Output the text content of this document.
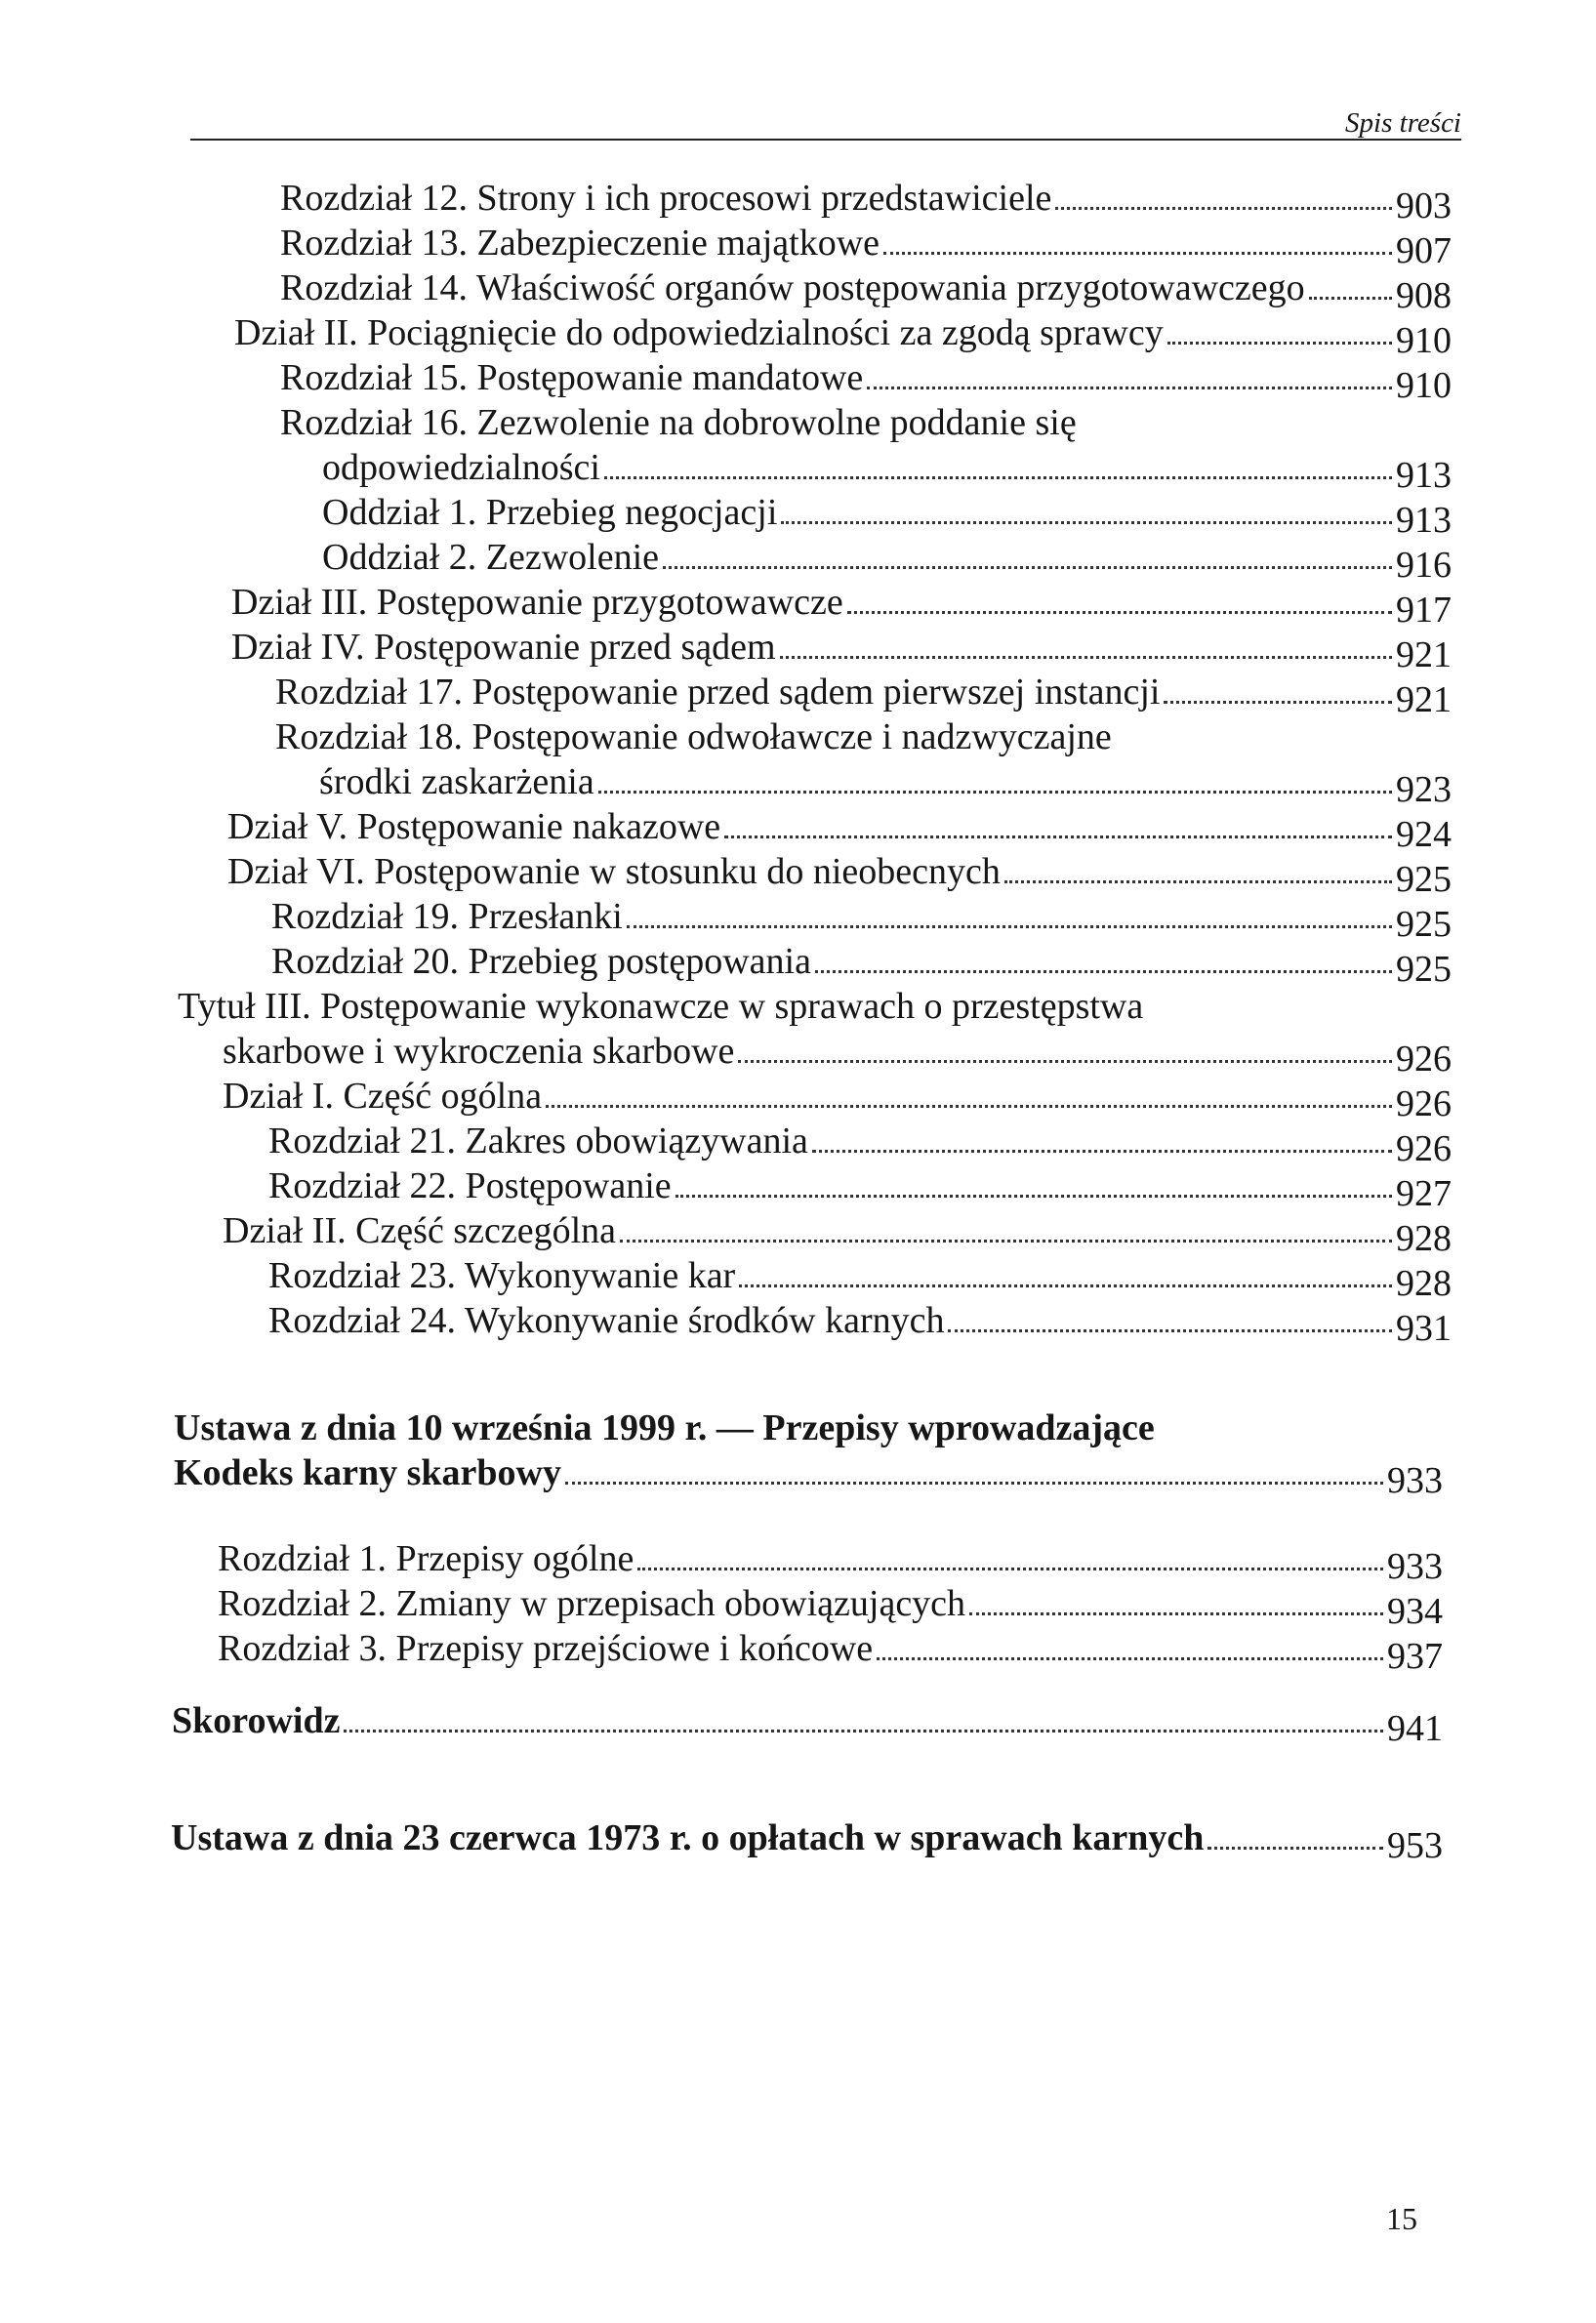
Spis treści
Rozdział 12. Strony i ich procesowi przedstawiciele	903
Rozdział 13. Zabezpieczenie majątkowe	907
Rozdział 14. Właściwość organów postępowania przygotowawczego 908
Dział II. Pociągnięcie do odpowiedzialności za zgodą sprawcy	910
Rozdział 15. Postępowanie mandatowe	910
Rozdział 16. Zezwolenie na dobrowolne poddanie się
odpowiedzialności	913
Oddział 1. Przebieg negocjacji	913
Oddział 2. Zezwolenie	916
Dział III. Postępowanie przygotowawcze	917
Dział IV. Postępowanie przed sądem	921
Rozdział 17. Postępowanie przed sądem pierwszej instancji	921
Rozdział 18. Postępowanie odwoławcze i nadzwyczajne
środki zaskarżenia	923
Dział V. Postępowanie nakazowe	924
Dział VI. Postępowanie w stosunku do nieobecnych	925
Rozdział 19. Przesłanki	925
Rozdział 20. Przebieg postępowania	925
Tytuł III. Postępowanie wykonawcze w sprawach o przestępstwa
skarbowe i wykroczenia skarbowe	926
Dział I. Część ogólna	926
Rozdział 21. Zakres obowiązywania	926
Rozdział 22. Postępowanie	927
Dział II. Część szczególna	928
Rozdział 23. Wykonywanie kar	928
Rozdział 24. Wykonywanie środków karnych	931
Ustawa z dnia 10 września 1999 r. — Przepisy wprowadzające
Kodeks karny skarbowy	933
Rozdział 1. Przepisy ogólne	933
Rozdział 2. Zmiany w przepisach obowiązujących	934
Rozdział 3. Przepisy przejściowe i końcowe	937
Skorowidz	941
Ustawa z dnia 23 czerwca 1973 r. o opłatach w sprawach karnych	953
15
